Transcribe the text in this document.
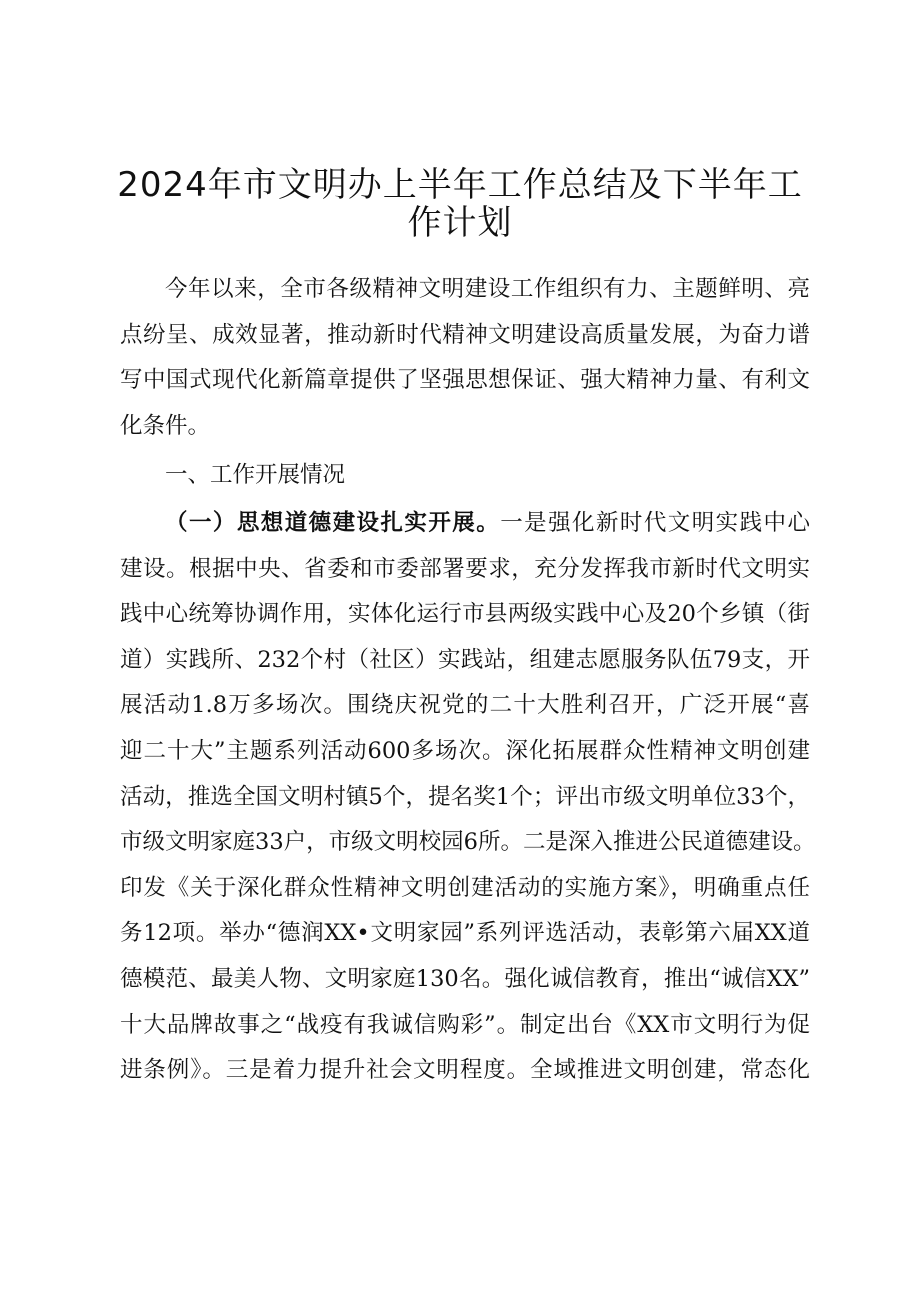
2024年市文明办上半年工作总结及下半年工
作计划
今年以来，全市各级精神文明建设工作组织有力、主题鲜明、亮
点纷呈、成效显著，推动新时代精神文明建设高质量发展，为奋力谱
写中国式现代化新篇章提供了坚强思想保证、强大精神力量、有利文
化条件。
一、工作开展情况
（一）思想道德建设扎实开展。一是强化新时代文明实践中心
建设。根据中央、省委和市委部署要求，充分发挥我市新时代文明实
践中心统筹协调作用，实体化运行市县两级实践中心及20个乡镇（街
道）实践所、232个村（社区）实践站，组建志愿服务队伍79支，开
展活动1.8万多场次。围绕庆祝党的二十大胜利召开，广泛开展“喜
迎二十大”主题系列活动600多场次。深化拓展群众性精神文明创建
活动，推选全国文明村镇5个，提名奖1个；评出市级文明单位33个，
市级文明家庭33户，市级文明校园6所。二是深入推进公民道德建设。
印发《关于深化群众性精神文明创建活动的实施方案》，明确重点任
务12项。举办“德润XX•文明家园”系列评选活动，表彰第六届XX道
德模范、最美人物、文明家庭130名。强化诚信教育，推出“诚信XX”
十大品牌故事之“战疫有我诚信购彩”。制定出台《XX市文明行为促
进条例》。三是着力提升社会文明程度。全域推进文明创建，常态化
